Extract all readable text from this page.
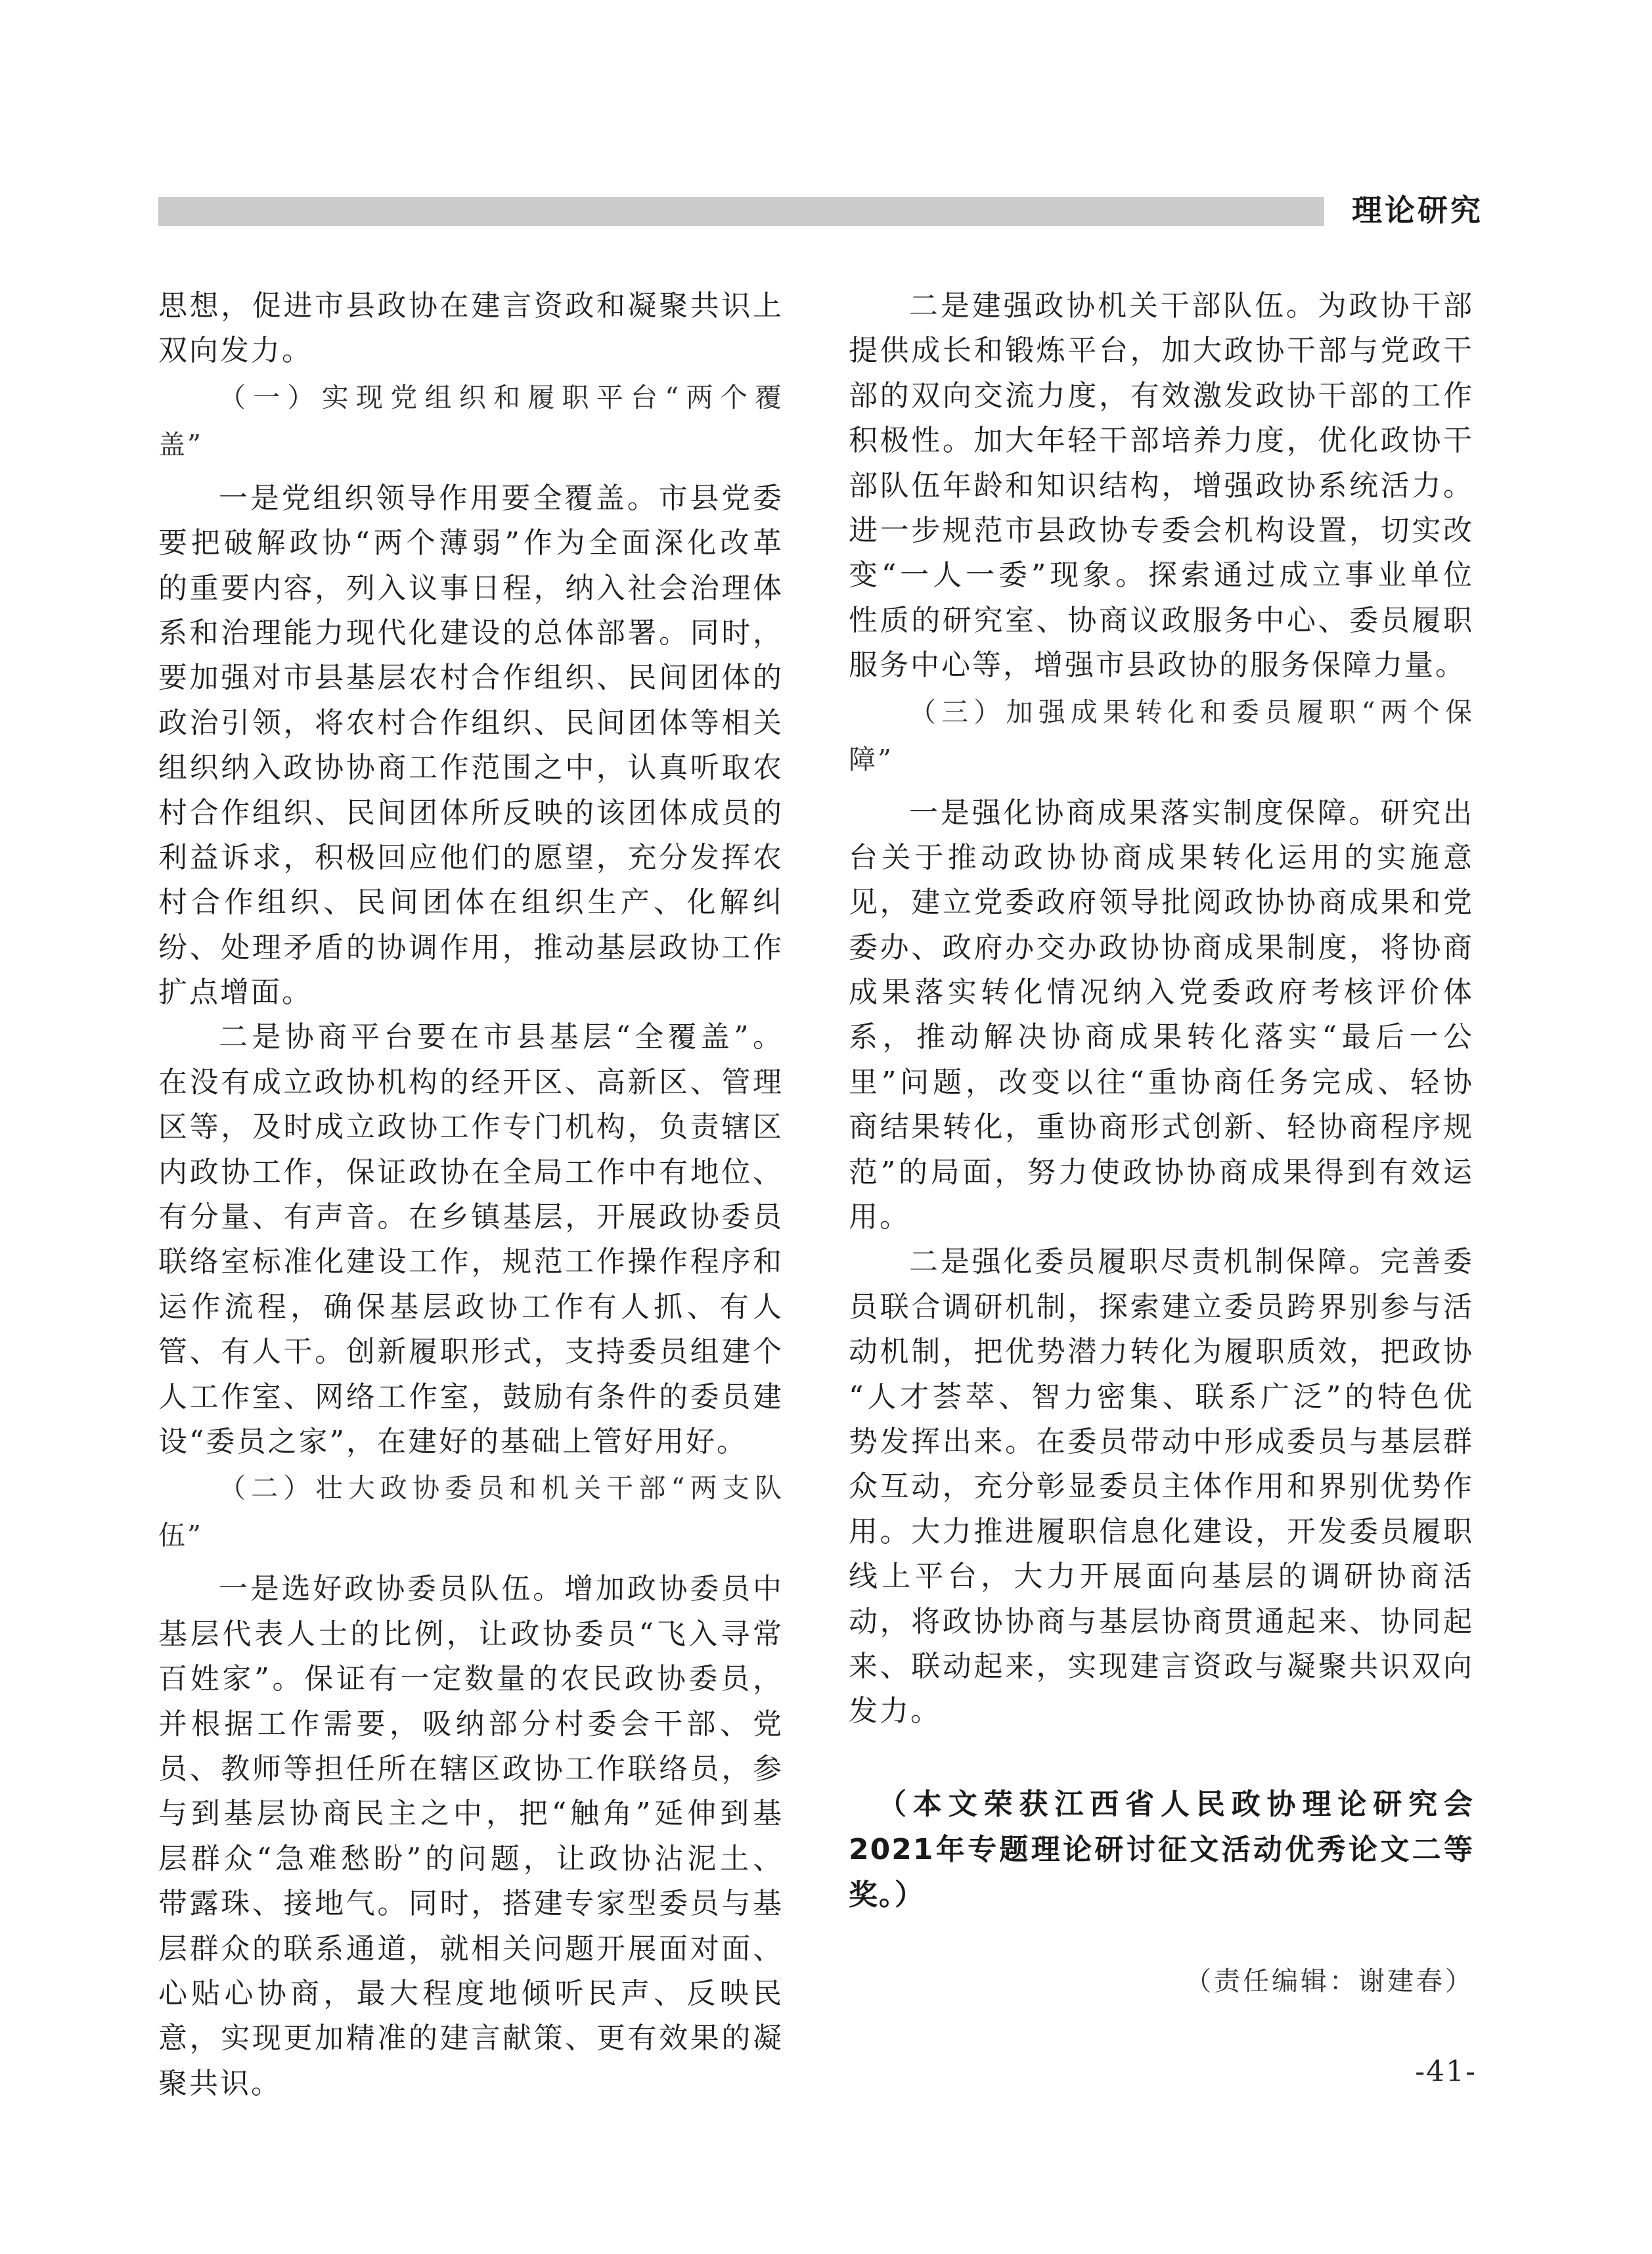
理论研究
思想，促进市县政协在建言资政和凝聚共识上
双向发力。
（一）实现党组织和履职平台“两个覆
盖”
一是党组织领导作用要全覆盖。市县党委
要把破解政协“两个薄弱”作为全面深化改革
的重要内容，列入议事日程，纳入社会治理体
系和治理能力现代化建设的总体部署。同时，
要加强对市县基层农村合作组织、民间团体的
政治引领，将农村合作组织、民间团体等相关
组织纳入政协协商工作范围之中，认真听取农
村合作组织、民间团体所反映的该团体成员的
利益诉求，积极回应他们的愿望，充分发挥农
村合作组织、民间团体在组织生产、化解纠
纷、处理矛盾的协调作用，推动基层政协工作
扩点增面。
二是协商平台要在市县基层“全覆盖”。
在没有成立政协机构的经开区、高新区、管理
区等，及时成立政协工作专门机构，负责辖区
内政协工作，保证政协在全局工作中有地位、
有分量、有声音。在乡镇基层，开展政协委员
联络室标准化建设工作，规范工作操作程序和
运作流程，确保基层政协工作有人抓、有人
管、有人干。创新履职形式，支持委员组建个
人工作室、网络工作室，鼓励有条件的委员建
设“委员之家”，在建好的基础上管好用好。
（二）壮大政协委员和机关干部“两支队
伍”
一是选好政协委员队伍。增加政协委员中
基层代表人士的比例，让政协委员“飞入寻常
百姓家”。保证有一定数量的农民政协委员，
并根据工作需要，吸纳部分村委会干部、党
员、教师等担任所在辖区政协工作联络员，参
与到基层协商民主之中，把“触角”延伸到基
层群众“急难愁盼”的问题，让政协沾泥土、
带露珠、接地气。同时，搭建专家型委员与基
层群众的联系通道，就相关问题开展面对面、
心贴心协商，最大程度地倾听民声、反映民
意，实现更加精准的建言献策、更有效果的凝
聚共识。
二是建强政协机关干部队伍。为政协干部
提供成长和锻炼平台，加大政协干部与党政干
部的双向交流力度，有效激发政协干部的工作
积极性。加大年轻干部培养力度，优化政协干
部队伍年龄和知识结构，增强政协系统活力。
进一步规范市县政协专委会机构设置，切实改
变“一人一委”现象。探索通过成立事业单位
性质的研究室、协商议政服务中心、委员履职
服务中心等，增强市县政协的服务保障力量。
（三）加强成果转化和委员履职“两个保
障”
一是强化协商成果落实制度保障。研究出
台关于推动政协协商成果转化运用的实施意
见，建立党委政府领导批阅政协协商成果和党
委办、政府办交办政协协商成果制度，将协商
成果落实转化情况纳入党委政府考核评价体
系，推动解决协商成果转化落实“最后一公
里”问题，改变以往“重协商任务完成、轻协
商结果转化，重协商形式创新、轻协商程序规
范”的局面，努力使政协协商成果得到有效运
用。
二是强化委员履职尽责机制保障。完善委
员联合调研机制，探索建立委员跨界别参与活
动机制，把优势潜力转化为履职质效，把政协
“人才荟萃、智力密集、联系广泛”的特色优
势发挥出来。在委员带动中形成委员与基层群
众互动，充分彰显委员主体作用和界别优势作
用。大力推进履职信息化建设，开发委员履职
线上平台，大力开展面向基层的调研协商活
动，将政协协商与基层协商贯通起来、协同起
来、联动起来，实现建言资政与凝聚共识双向
发力。
（本文荣获江西省人民政协理论研究会
2021年专题理论研讨征文活动优秀论文二等
奖。）
（责任编辑：谢建春）
-41-
